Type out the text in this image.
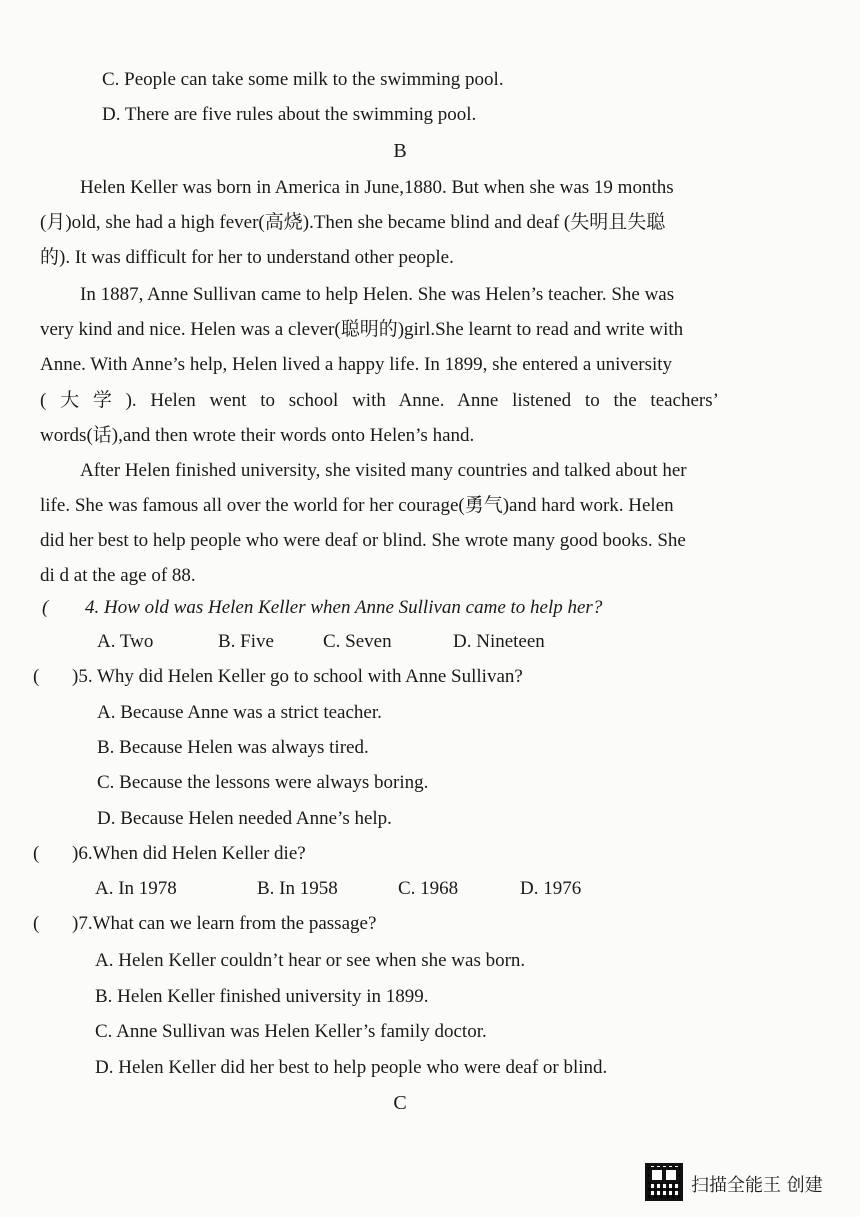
C. People can take some milk to the swimming pool.
D. There are five rules about the swimming pool.
B
Helen Keller was born in America in June,1880. But when she was 19 months
(月)old, she had a high fever(高烧).Then she became blind and deaf (失明且失聪
的). It was difficult for her to understand other people.
In 1887, Anne Sullivan came to help Helen. She was Helen’s teacher. She was
very kind and nice. Helen was a clever(聪明的)girl.She learnt to read and write with
Anne. With Anne’s help, Helen lived a happy life. In 1899, she entered a university
( 大 学 ). Helen went to school with Anne. Anne listened to the teachers’
words(话),and then wrote their words onto Helen’s hand.
After Helen finished university, she visited many countries and talked about her
life. She was famous all over the world for her courage(勇气)and hard work. Helen
did her best to help people who were deaf or blind. She wrote many good books. She
di d at the age of 88.
( 4. How old was Helen Keller when Anne Sullivan came to help her?
A. Two	B. Five	C. Seven	D. Nineteen
( )5. Why did Helen Keller go to school with Anne Sullivan?
A. Because Anne was a strict teacher.
B. Because Helen was always tired.
C. Because the lessons were always boring.
D. Because Helen needed Anne’s help.
( )6.When did Helen Keller die?
A. In 1978	B. In 1958	C. 1968	D. 1976
( )7.What can we learn from the passage?
A. Helen Keller couldn’t hear or see when she was born.
B. Helen Keller finished university in 1899.
C. Anne Sullivan was Helen Keller’s family doctor.
D. Helen Keller did her best to help people who were deaf or blind.
C
扫描全能王 创建
